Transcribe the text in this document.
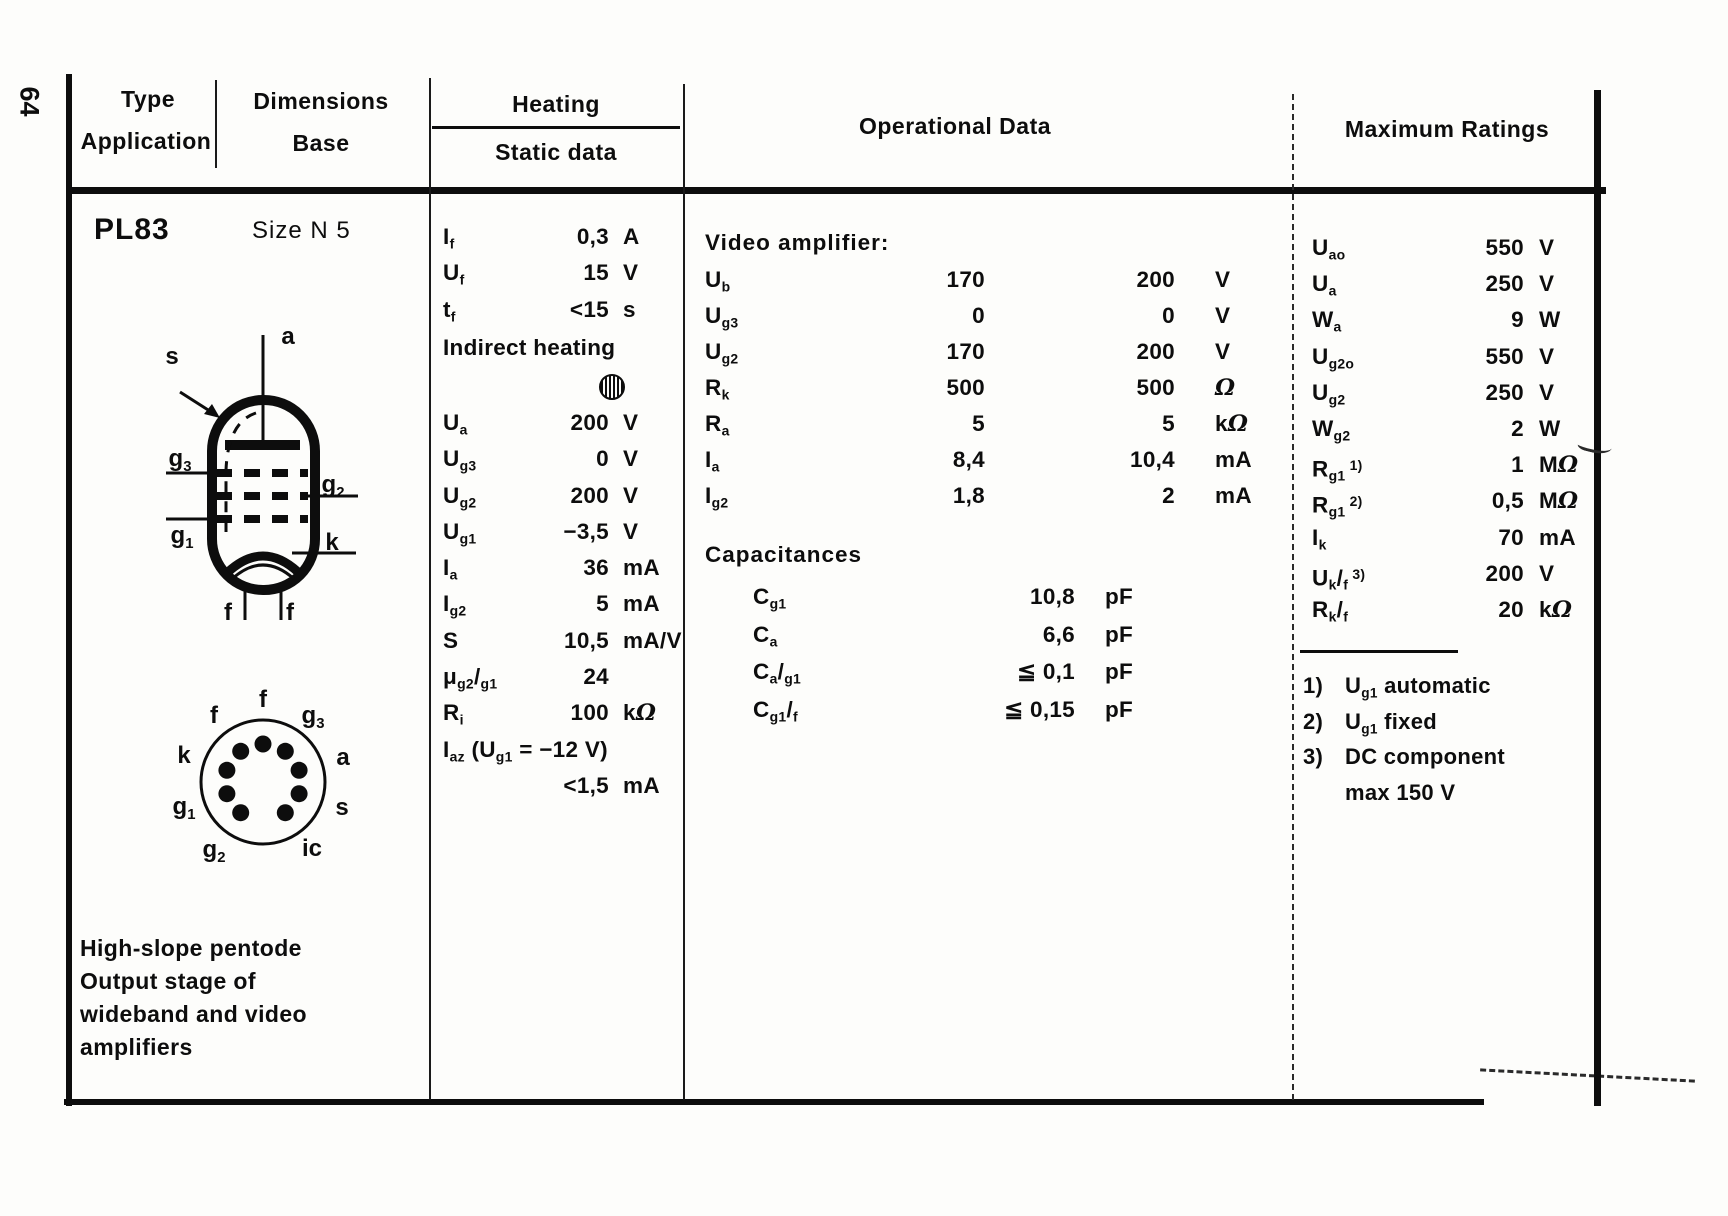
64	Type
Application
Dimensions
Base
Heating
Static data
Operational Data	Maximum Ratings
PL83	Size N 5
a
s
$g_3$
$g_2$
$g_1$	k
f f
f
$g_3$
a
s
ic
$g_2$
$g_1$
k
f
High-slope pentode
Output stage of
wideband and video
amplifiers
$I_f$	0,3 A
$U_f$	15 V
$t_f$	<15 s
Indirect heating
$U_a$	200 V
$U_{g3}$	0 V
$U_{g2}$	200 V
$U_{g1}$	−3,5 V
$I_a$	36 mA
$I_{g2}$	5 mA
S	10,5 mA/V
$\mu_{g2}/_{g1}$	24
$R_i$	100 kΩ
$I_{az}$ ($U_{g1} = -12$ V)
<1,5 mA
Video amplifier:
$U_b$	170	200	V
$U_{g3}$	0	0	V
$U_{g2}$	170	200	V
$R_k$	500	500	Ω
$R_a$	5	5	kΩ
$I_a$	8,4	10,4	mA
$I_{g2}$	1,8	2	mA
Capacitances
$C_{g1}$	10,8	pF
$C_a$	6,6	pF
$C_a/_{g1}$	≦ 0,1	pF
$C_{g1}/_f$	≦ 0,15	pF
$U_{ao}$	550 V
$U_a$	250 V
$W_a$	9 W
$U_{g2o}$	550 V
$U_{g2}$	250 V
$W_{g2}$	2 W
$R_{g1}$ $^{1)}$	1 MΩ
$R_{g1}$ $^{2)}$	0,5 MΩ
$I_k$	70 mA
$U_k/_f$ $^{3)}$	200 V
$R_k/_f$	20 kΩ
1) $U_{g1}$ automatic
2) $U_{g1}$ fixed
3) DC component
max 150 V
